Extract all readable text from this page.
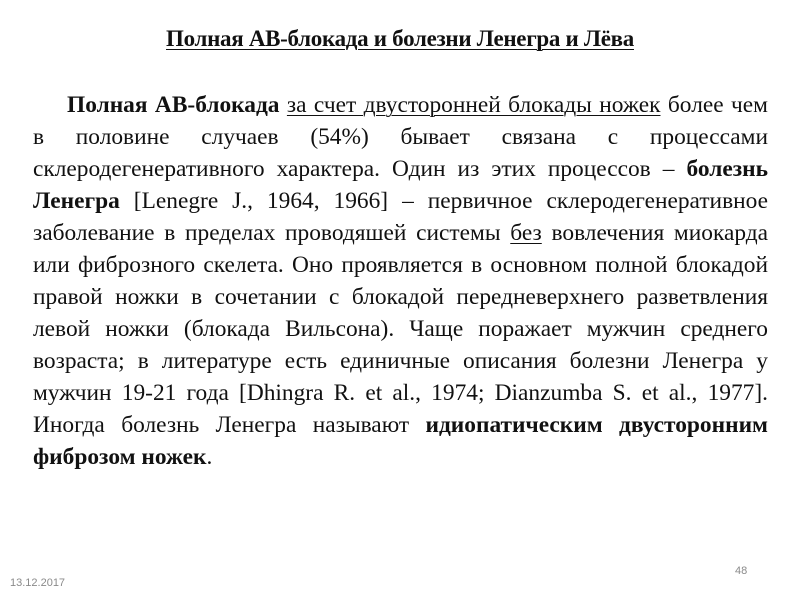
Полная АВ-блокада и болезни Ленегра и Лёва

Полная АВ-блокада за счет двусторонней блокады ножек более чем в половине случаев (54%) бывает связана с процессами склеродегенеративного характера. Один из этих процессов – болезнь Ленегра [Lenegre J., 1964, 1966] – первичное склеродегенеративное заболевание в пределах проводяшей системы без вовлечения миокарда или фиброзного скелета. Оно проявляется в основном полной блокадой правой ножки в сочетании с блокадой передневерхнего разветвления левой ножки (блокада Вильсона). Чаще поражает мужчин среднего возраста; в литературе есть единичные описания болезни Ленегра у мужчин 19-21 года [Dhingra R. et al., 1974; Dianzumba S. et al., 1977]. Иногда болезнь Ленегра называют идиопатическим двусторонним фиброзом ножек.

13.12.2017
48
